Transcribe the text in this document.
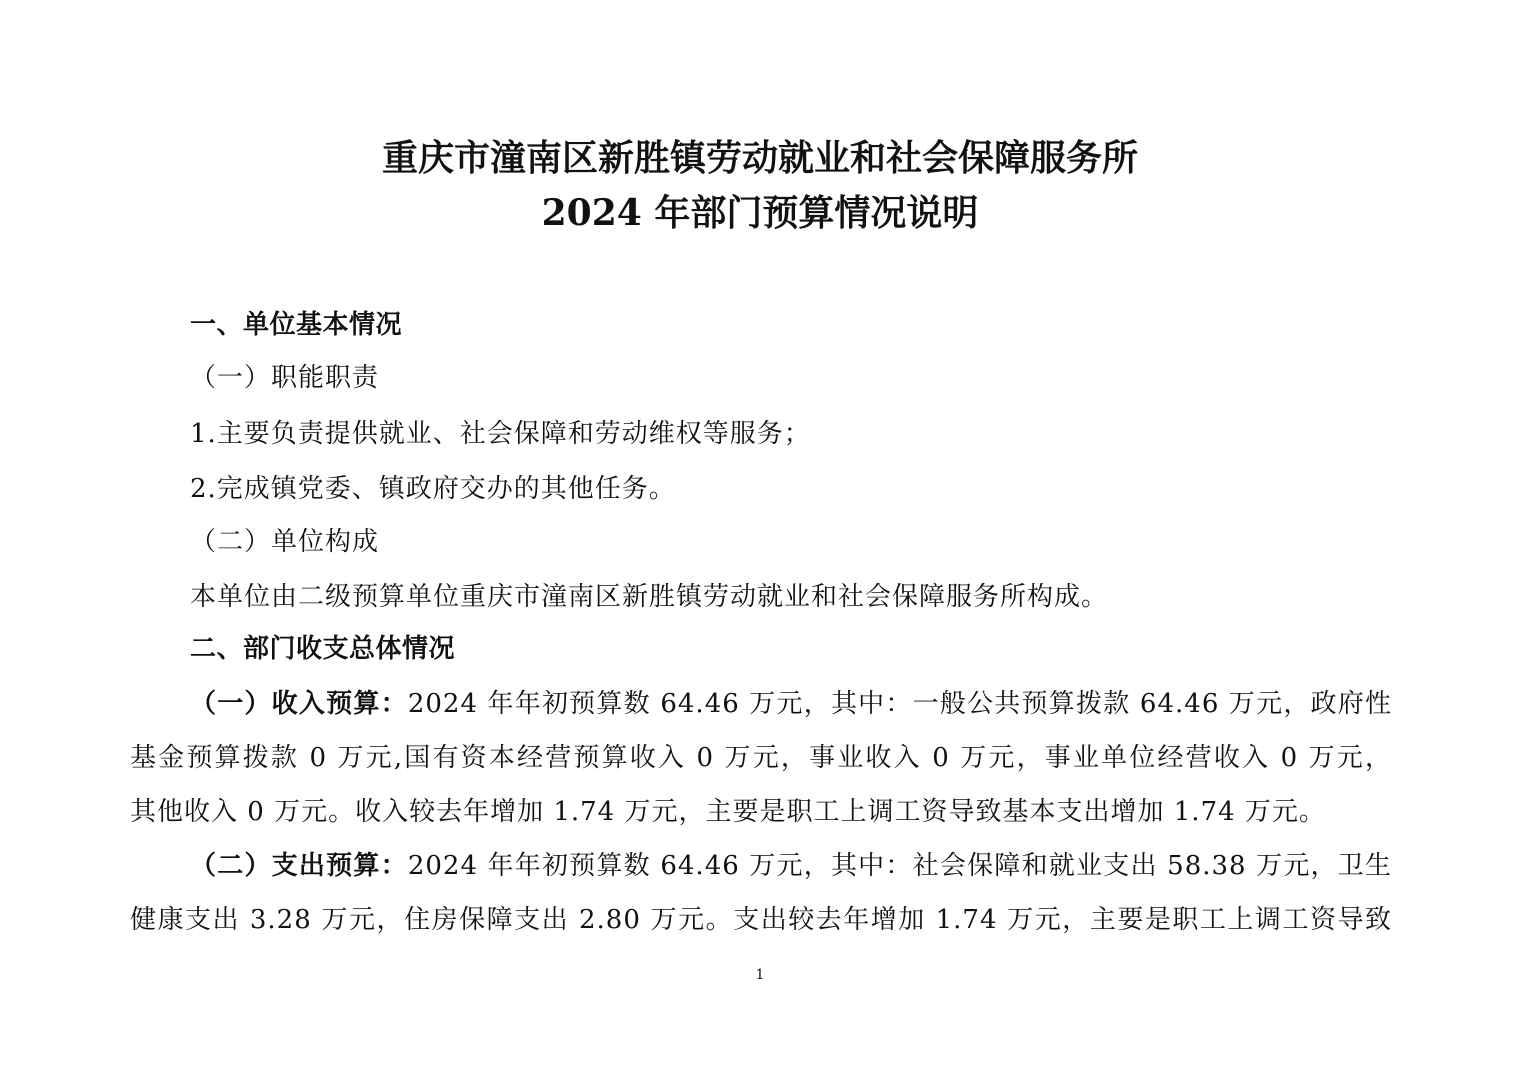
重庆市潼南区新胜镇劳动就业和社会保障服务所
2024 年部门预算情况说明
一、单位基本情况
（一）职能职责
1.主要负责提供就业、社会保障和劳动维权等服务；
2.完成镇党委、镇政府交办的其他任务。
（二）单位构成
本单位由二级预算单位重庆市潼南区新胜镇劳动就业和社会保障服务所构成。
二、部门收支总体情况
（一）收入预算：2024 年年初预算数 64.46 万元，其中：一般公共预算拨款 64.46 万元，政府性
基金预算拨款 0 万元,国有资本经营预算收入 0 万元，事业收入 0 万元，事业单位经营收入 0 万元，
其他收入 0 万元。收入较去年增加 1.74 万元，主要是职工上调工资导致基本支出增加 1.74 万元。
（二）支出预算：2024 年年初预算数 64.46 万元，其中：社会保障和就业支出 58.38 万元，卫生
健康支出 3.28 万元，住房保障支出 2.80 万元。支出较去年增加 1.74 万元，主要是职工上调工资导致
1
